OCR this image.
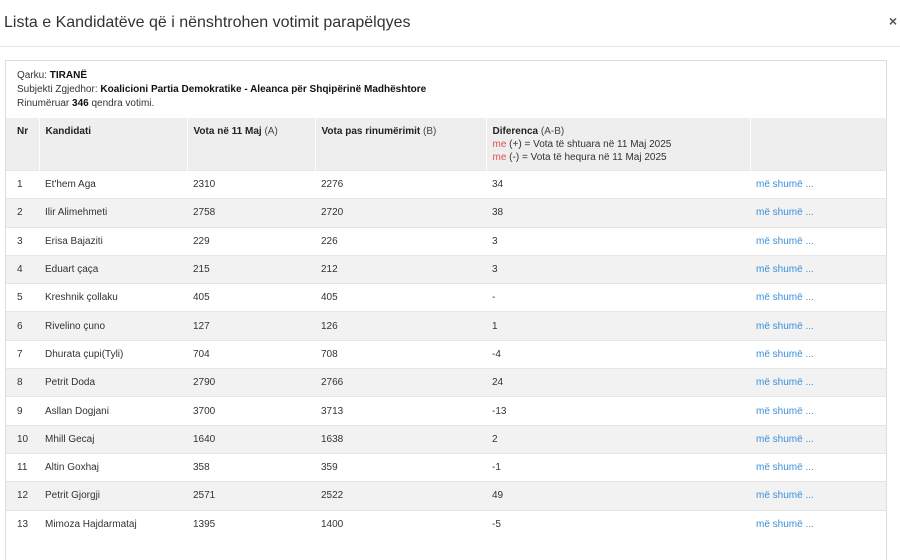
Lista e Kandidatëve që i nënshtrohen votimit parapëlqyes	×
Qarku: TIRANË
Subjekti Zgjedhor: Koalicioni Partia Demokratike - Aleanca për Shqipërinë Madhështore
Rinumëruar 346 qendra votimi.
Nr	Kandidati	Vota në 11 Maj (A)	Vota pas rinumërimit (B)	Diferenca (A-B)
me (+) = Vota të shtuara në 11 Maj 2025
me (-) = Vota të hequra në 11 Maj 2025	

1	Et'hem Aga	2310	2276	34	më shumë ...
2	Ilir Alimehmeti	2758	2720	38	më shumë ...
3	Erisa Bajaziti	229	226	3	më shumë ...
4	Eduart çaça	215	212	3	më shumë ...
5	Kreshnik çollaku	405	405	-	më shumë ...
6	Rivelino çuno	127	126	1	më shumë ...
7	Dhurata çupi(Tyli)	704	708	-4	më shumë ...
8	Petrit Doda	2790	2766	24	më shumë ...
9	Asllan Dogjani	3700	3713	-13	më shumë ...
10	Mhill Gecaj	1640	1638	2	më shumë ...
11	Altin Goxhaj	358	359	-1	më shumë ...
12	Petrit Gjorgji	2571	2522	49	më shumë ...
13	Mimoza Hajdarmataj	1395	1400	-5	më shumë ...
